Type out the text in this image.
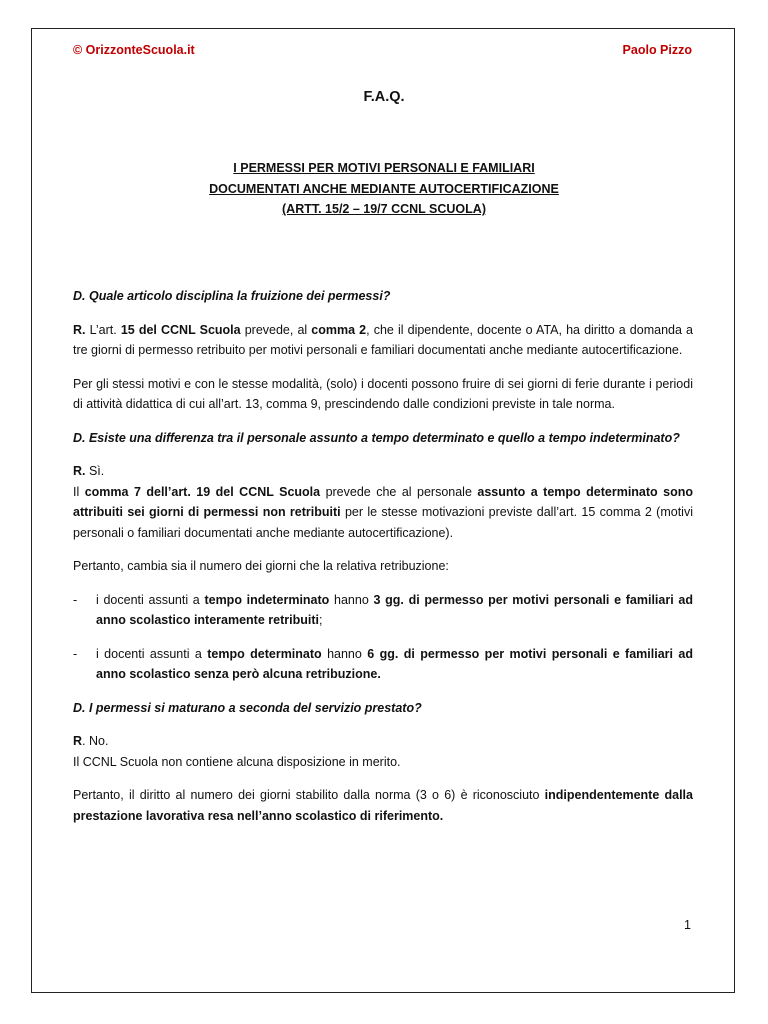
© OrizzonteScuola.it	Paolo Pizzo
F.A.Q.
I PERMESSI PER MOTIVI PERSONALI E FAMILIARI
DOCUMENTATI ANCHE MEDIANTE AUTOCERTIFICAZIONE
(ARTT. 15/2 – 19/7 CCNL SCUOLA)

D. Quale articolo disciplina la fruizione dei permessi?

R. L’art. 15 del CCNL Scuola prevede, al comma 2, che il dipendente, docente o ATA, ha diritto a domanda a tre giorni di permesso retribuito per motivi personali e familiari documentati anche mediante autocertificazione.

Per gli stessi motivi e con le stesse modalità, (solo) i docenti possono fruire di sei giorni di ferie durante i periodi di attività didattica di cui all’art. 13, comma 9, prescindendo dalle condizioni previste in tale norma.

D. Esiste una differenza tra il personale assunto a tempo determinato e quello a tempo indeterminato?

R. Sì.
Il comma 7 dell’art. 19 del CCNL Scuola prevede che al personale assunto a tempo determinato sono attribuiti sei giorni di permessi non retribuiti per le stesse motivazioni previste dall’art. 15 comma 2 (motivi personali o familiari documentati anche mediante autocertificazione).

Pertanto, cambia sia il numero dei giorni che la relativa retribuzione:

- i docenti assunti a tempo indeterminato hanno 3 gg. di permesso per motivi personali e familiari ad anno scolastico interamente retribuiti;
- i docenti assunti a tempo determinato hanno 6 gg. di permesso per motivi personali e familiari ad anno scolastico senza però alcuna retribuzione.

D. I permessi si maturano a seconda del servizio prestato?

R. No.
Il CCNL Scuola non contiene alcuna disposizione in merito.

Pertanto, il diritto al numero dei giorni stabilito dalla norma (3 o 6) è riconosciuto indipendentemente dalla prestazione lavorativa resa nell’anno scolastico di riferimento.

1
